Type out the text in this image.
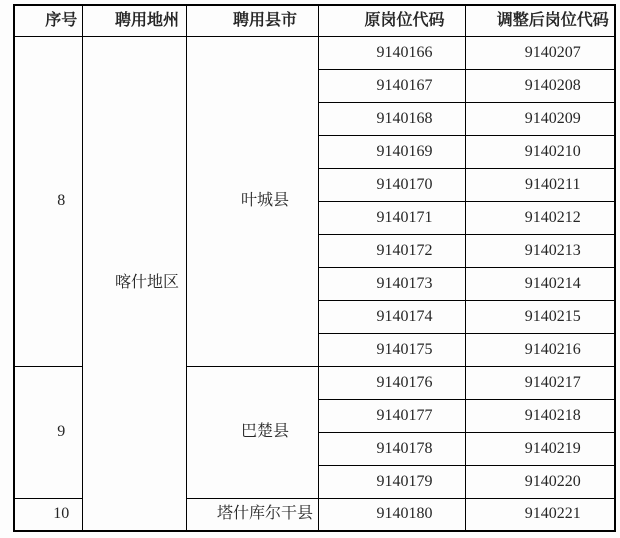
序号	聘用地州	聘用县市	原岗位代码	调整后岗位代码
8	喀什地区	叶城县	9140166	9140207
			9140167	9140208
			9140168	9140209
			9140169	9140210
			9140170	9140211
			9140171	9140212
			9140172	9140213
			9140173	9140214
			9140174	9140215
			9140175	9140216
9		巴楚县	9140176	9140217
			9140177	9140218
			9140178	9140219
			9140179	9140220
10		塔什库尔干县	9140180	9140221
